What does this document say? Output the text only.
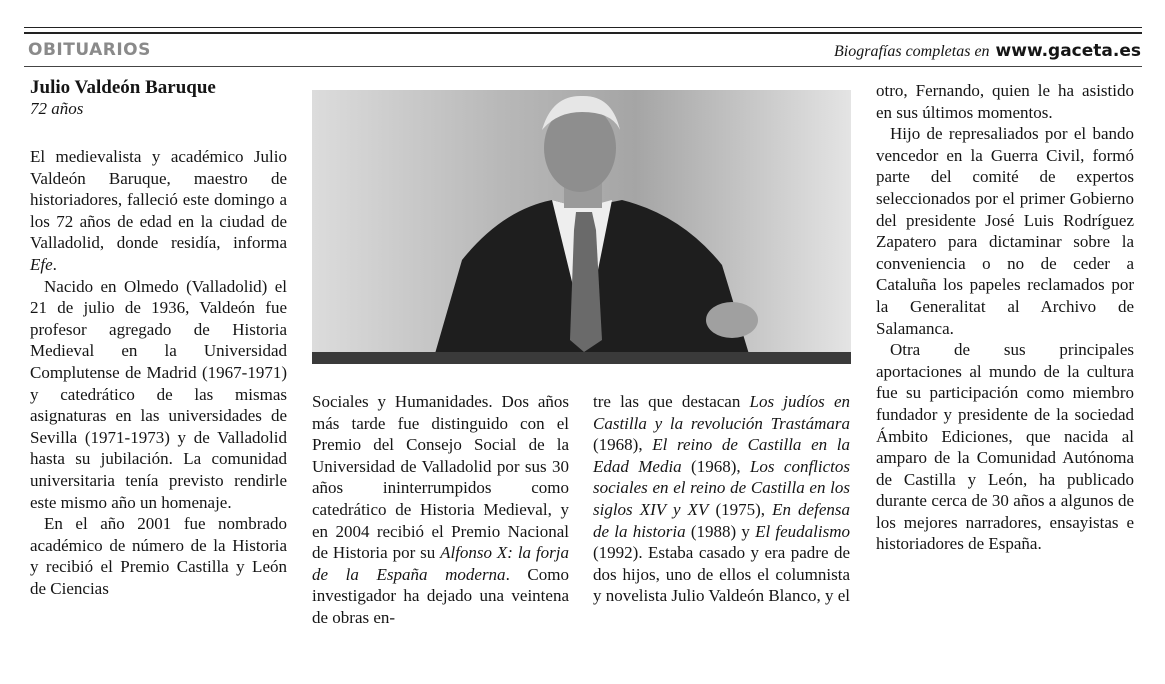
OBITUARIOS	Biografías completas en www.gaceta.es
Julio Valdeón Baruque
72 años

El medievalista y académico Julio Valdeón Baruque, maestro de historiadores, falleció este domingo a los 72 años de edad en la ciudad de Valladolid, donde residía, informa Efe.

Nacido en Olmedo (Valladolid) el 21 de julio de 1936, Valdeón fue profesor agregado de Historia Medieval en la Universidad Complutense de Madrid (1967-1971) y catedrático de las mismas asignaturas en las universidades de Sevilla (1971-1973) y de Valladolid hasta su jubilación. La comunidad universitaria tenía previsto rendirle este mismo año un homenaje.

En el año 2001 fue nombrado académico de número de la Historia y recibió el Premio Castilla y León de Ciencias

Sociales y Humanidades. Dos años más tarde fue distinguido con el Premio del Consejo Social de la Universidad de Valladolid por sus 30 años ininterrumpidos como catedrático de Historia Medieval, y en 2004 recibió el Premio Nacional de Historia por su Alfonso X: la forja de la España moderna. Como investigador ha dejado una veintena de obras en-

tre las que destacan Los judíos en Castilla y la revolución Trastámara (1968), El reino de Castilla en la Edad Media (1968), Los conflictos sociales en el reino de Castilla en los siglos XIV y XV (1975), En defensa de la historia (1988) y El feudalismo (1992). Estaba casado y era padre de dos hijos, uno de ellos el columnista y novelista Julio Valdeón Blanco, y el

otro, Fernando, quien le ha asistido en sus últimos momentos.

Hijo de represaliados por el bando vencedor en la Guerra Civil, formó parte del comité de expertos seleccionados por el primer Gobierno del presidente José Luis Rodríguez Zapatero para dictaminar sobre la conveniencia o no de ceder a Cataluña los papeles reclamados por la Generalitat al Archivo de Salamanca.

Otra de sus principales aportaciones al mundo de la cultura fue su participación como miembro fundador y presidente de la sociedad Ámbito Ediciones, que nacida al amparo de la Comunidad Autónoma de Castilla y León, ha publicado durante cerca de 30 años a algunos de los mejores narradores, ensayistas e historiadores de España.
